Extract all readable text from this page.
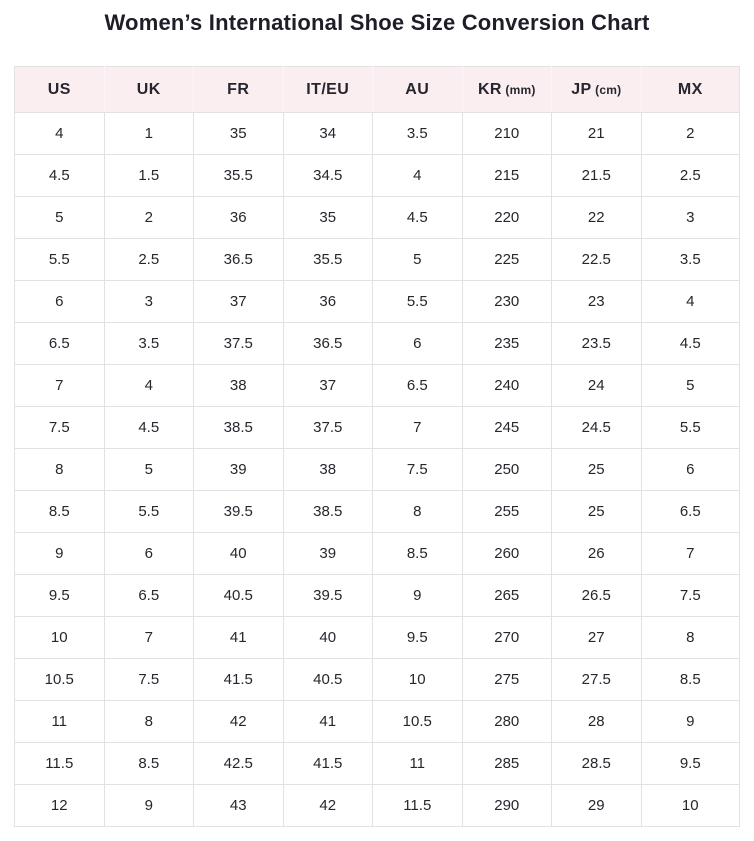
Women’s International Shoe Size Conversion Chart
US	UK	FR	IT/EU	AU	KR (mm)	JP (cm)	MX
4	1	35	34	3.5	210	21	2
4.5	1.5	35.5	34.5	4	215	21.5	2.5
5	2	36	35	4.5	220	22	3
5.5	2.5	36.5	35.5	5	225	22.5	3.5
6	3	37	36	5.5	230	23	4
6.5	3.5	37.5	36.5	6	235	23.5	4.5
7	4	38	37	6.5	240	24	5
7.5	4.5	38.5	37.5	7	245	24.5	5.5
8	5	39	38	7.5	250	25	6
8.5	5.5	39.5	38.5	8	255	25	6.5
9	6	40	39	8.5	260	26	7
9.5	6.5	40.5	39.5	9	265	26.5	7.5
10	7	41	40	9.5	270	27	8
10.5	7.5	41.5	40.5	10	275	27.5	8.5
11	8	42	41	10.5	280	28	9
11.5	8.5	42.5	41.5	11	285	28.5	9.5
12	9	43	42	11.5	290	29	10
